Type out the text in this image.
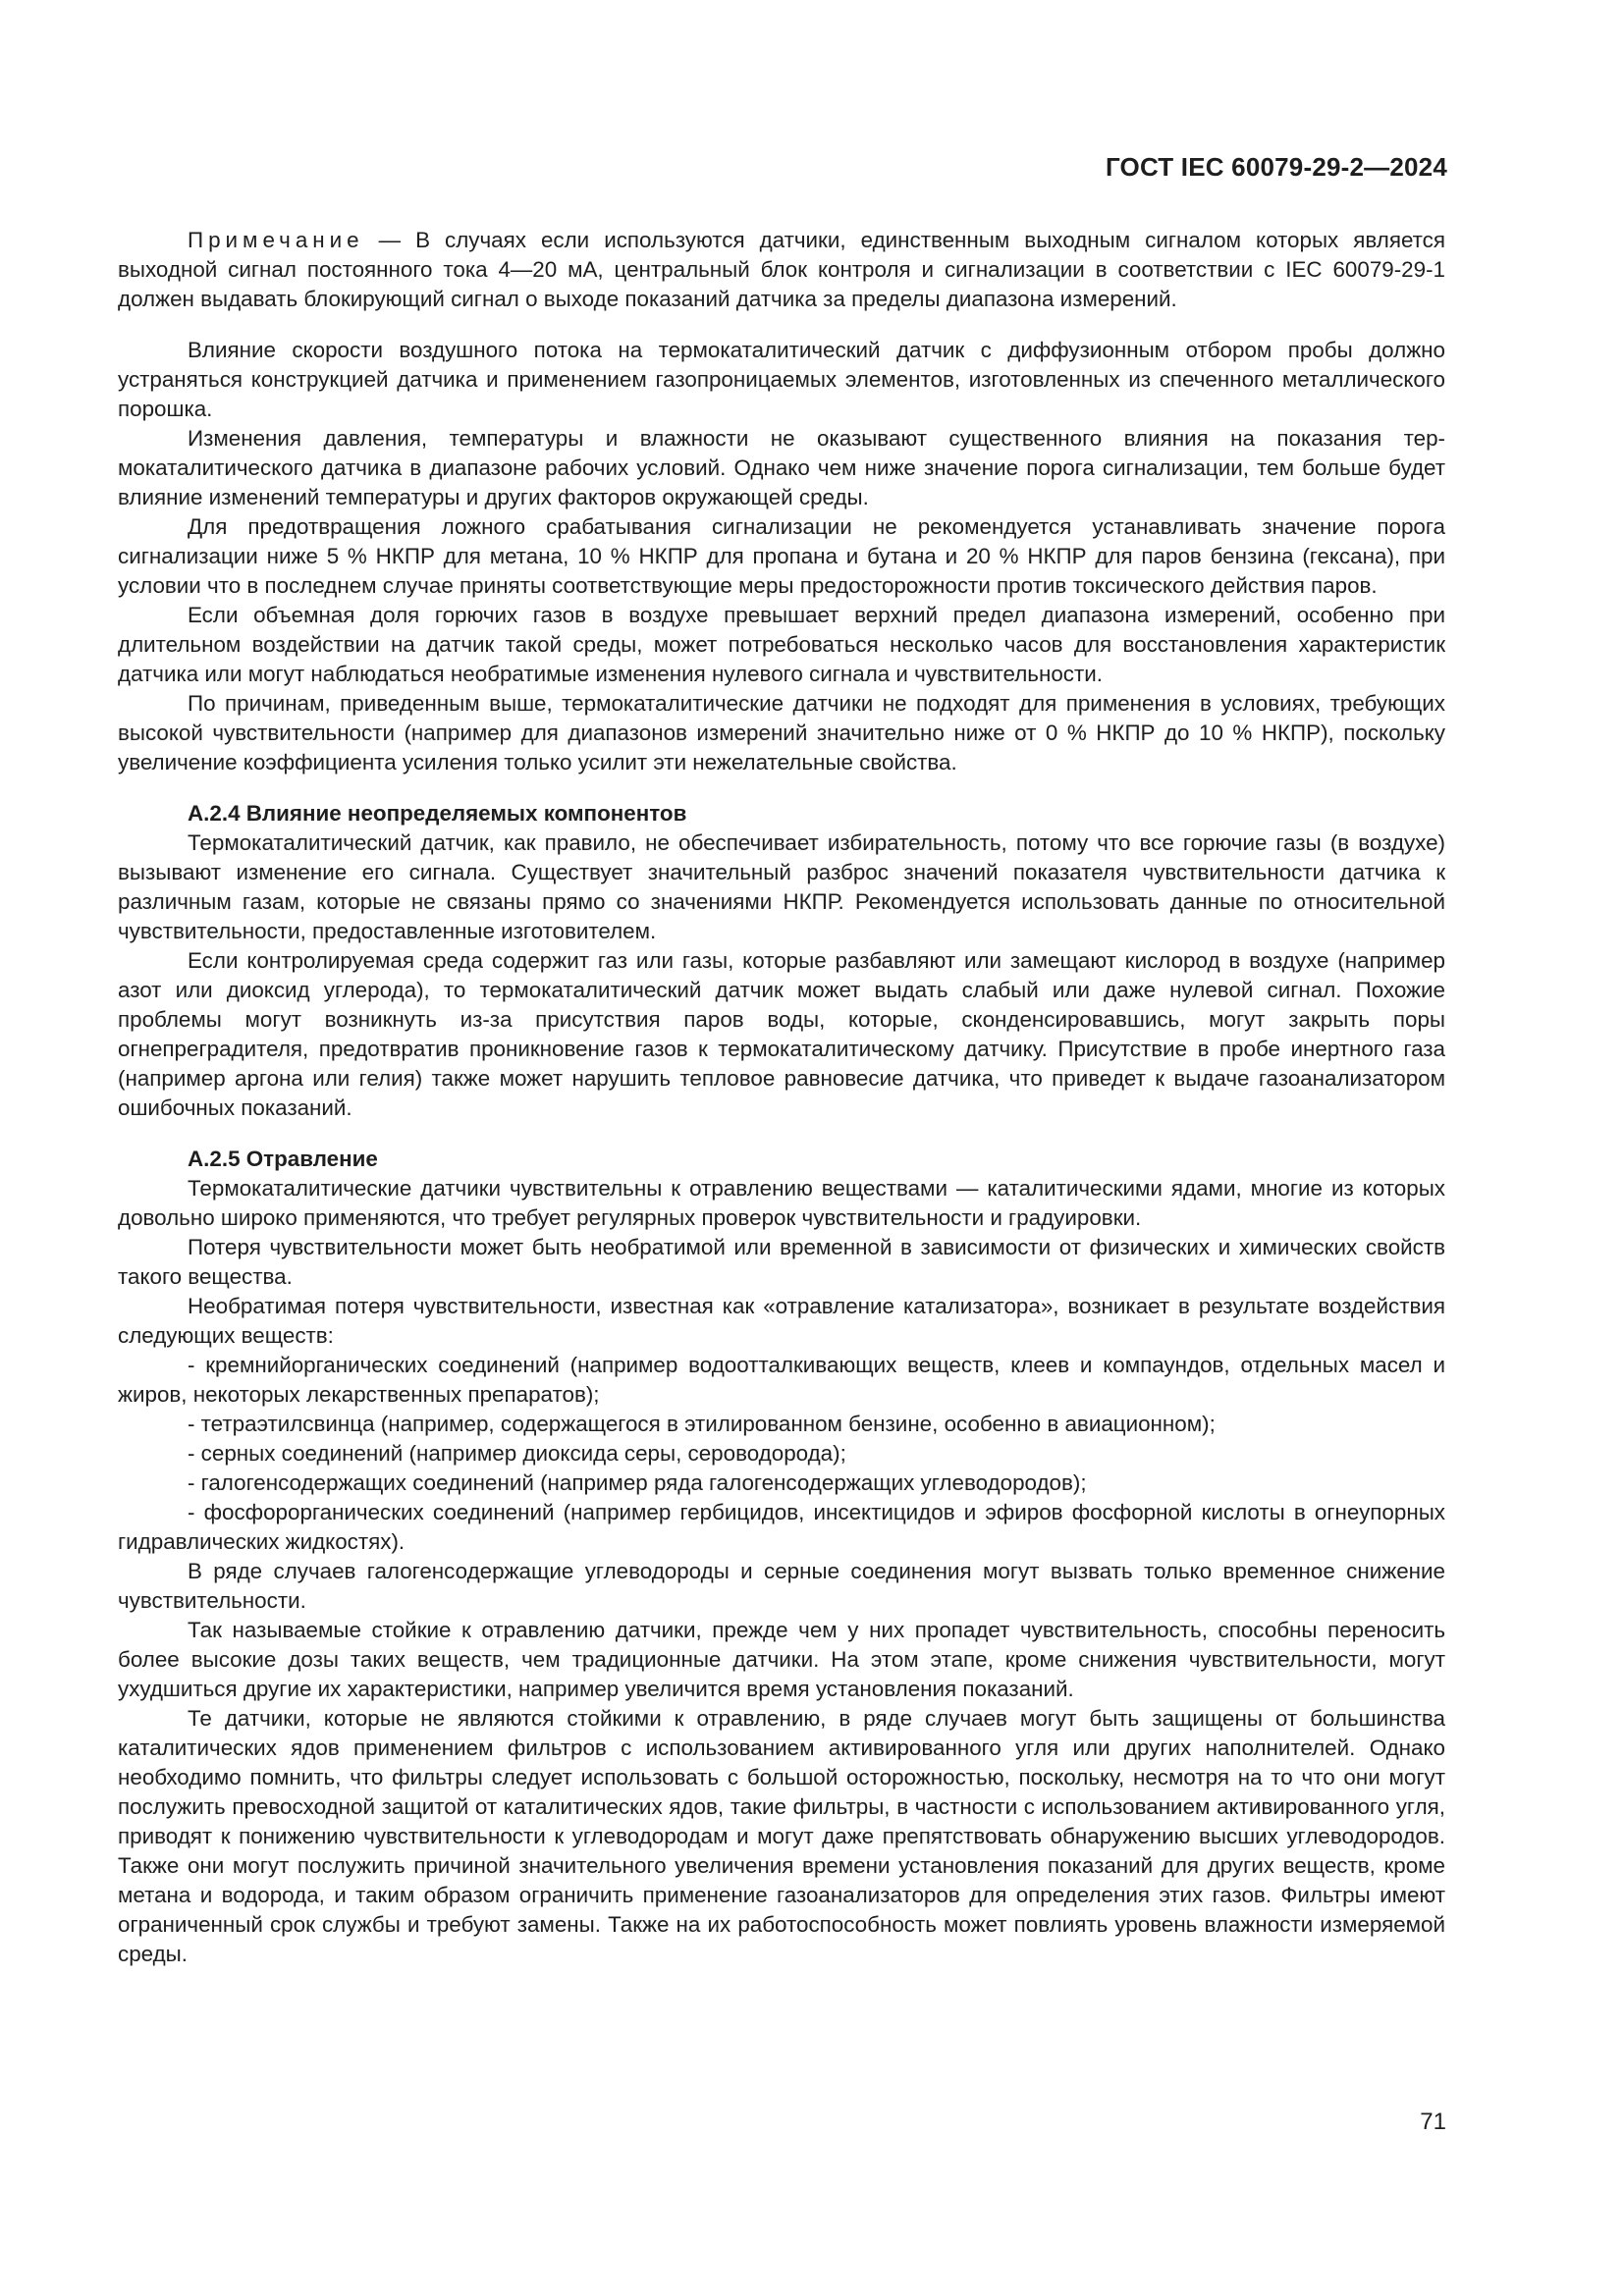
ГОСТ IEC 60079-29-2—2024

Примечание — В случаях если используются датчики, единственным выходным сигналом которых является выходной сигнал постоянного тока 4—20 мА, центральный блок контроля и сигнализации в соответствии с IEC 60079-29-1 должен выдавать блокирующий сигнал о выходе показаний датчика за пределы диапазона измерений.

Влияние скорости воздушного потока на термокаталитический датчик с диффузионным отбором пробы должно устраняться конструкцией датчика и применением газопроницаемых элементов, изготовленных из спеченного металлического порошка.

Изменения давления, температуры и влажности не оказывают существенного влияния на показания термокаталитического датчика в диапазоне рабочих условий. Однако чем ниже значение порога сигнализации, тем больше будет влияние изменений температуры и других факторов окружающей среды.

Для предотвращения ложного срабатывания сигнализации не рекомендуется устанавливать значение порога сигнализации ниже 5 % НКПР для метана, 10 % НКПР для пропана и бутана и 20 % НКПР для паров бензина (гексана), при условии что в последнем случае приняты соответствующие меры предосторожности против токсического действия паров.

Если объемная доля горючих газов в воздухе превышает верхний предел диапазона измерений, особенно при длительном воздействии на датчик такой среды, может потребоваться несколько часов для восстановления характеристик датчика или могут наблюдаться необратимые изменения нулевого сигнала и чувствительности.

По причинам, приведенным выше, термокаталитические датчики не подходят для применения в условиях, требующих высокой чувствительности (например для диапазонов измерений значительно ниже от 0 % НКПР до 10 % НКПР), поскольку увеличение коэффициента усиления только усилит эти нежелательные свойства.

А.2.4 Влияние неопределяемых компонентов

Термокаталитический датчик, как правило, не обеспечивает избирательность, потому что все горючие газы (в воздухе) вызывают изменение его сигнала. Существует значительный разброс значений показателя чувствительности датчика к различным газам, которые не связаны прямо со значениями НКПР. Рекомендуется использовать данные по относительной чувствительности, предоставленные изготовителем.

Если контролируемая среда содержит газ или газы, которые разбавляют или замещают кислород в воздухе (например азот или диоксид углерода), то термокаталитический датчик может выдать слабый или даже нулевой сигнал. Похожие проблемы могут возникнуть из-за присутствия паров воды, которые, сконденсировавшись, могут закрыть поры огнепреградителя, предотвратив проникновение газов к термокаталитическому датчику. Присутствие в пробе инертного газа (например аргона или гелия) также может нарушить тепловое равновесие датчика, что приведет к выдаче газоанализатором ошибочных показаний.

А.2.5 Отравление

Термокаталитические датчики чувствительны к отравлению веществами — каталитическими ядами, многие из которых довольно широко применяются, что требует регулярных проверок чувствительности и градуировки.

Потеря чувствительности может быть необратимой или временной в зависимости от физических и химических свойств такого вещества.

Необратимая потеря чувствительности, известная как «отравление катализатора», возникает в результате воздействия следующих веществ:

- кремнийорганических соединений (например водоотталкивающих веществ, клеев и компаундов, отдельных масел и жиров, некоторых лекарственных препаратов);

- тетраэтилсвинца (например, содержащегося в этилированном бензине, особенно в авиационном);

- серных соединений (например диоксида серы, сероводорода);

- галогенсодержащих соединений (например ряда галогенсодержащих углеводородов);

- фосфорорганических соединений (например гербицидов, инсектицидов и эфиров фосфорной кислоты в огнеупорных гидравлических жидкостях).

В ряде случаев галогенсодержащие углеводороды и серные соединения могут вызвать только временное снижение чувствительности.

Так называемые стойкие к отравлению датчики, прежде чем у них пропадет чувствительность, способны переносить более высокие дозы таких веществ, чем традиционные датчики. На этом этапе, кроме снижения чувствительности, могут ухудшиться другие их характеристики, например увеличится время установления показаний.

Те датчики, которые не являются стойкими к отравлению, в ряде случаев могут быть защищены от большинства каталитических ядов применением фильтров с использованием активированного угля или других наполнителей. Однако необходимо помнить, что фильтры следует использовать с большой осторожностью, поскольку, несмотря на то что они могут послужить превосходной защитой от каталитических ядов, такие фильтры, в частности с использованием активированного угля, приводят к понижению чувствительности к углеводородам и могут даже препятствовать обнаружению высших углеводородов. Также они могут послужить причиной значительного увеличения времени установления показаний для других веществ, кроме метана и водорода, и таким образом ограничить применение газоанализаторов для определения этих газов. Фильтры имеют ограниченный срок службы и требуют замены. Также на их работоспособность может повлиять уровень влажности измеряемой среды.

71
